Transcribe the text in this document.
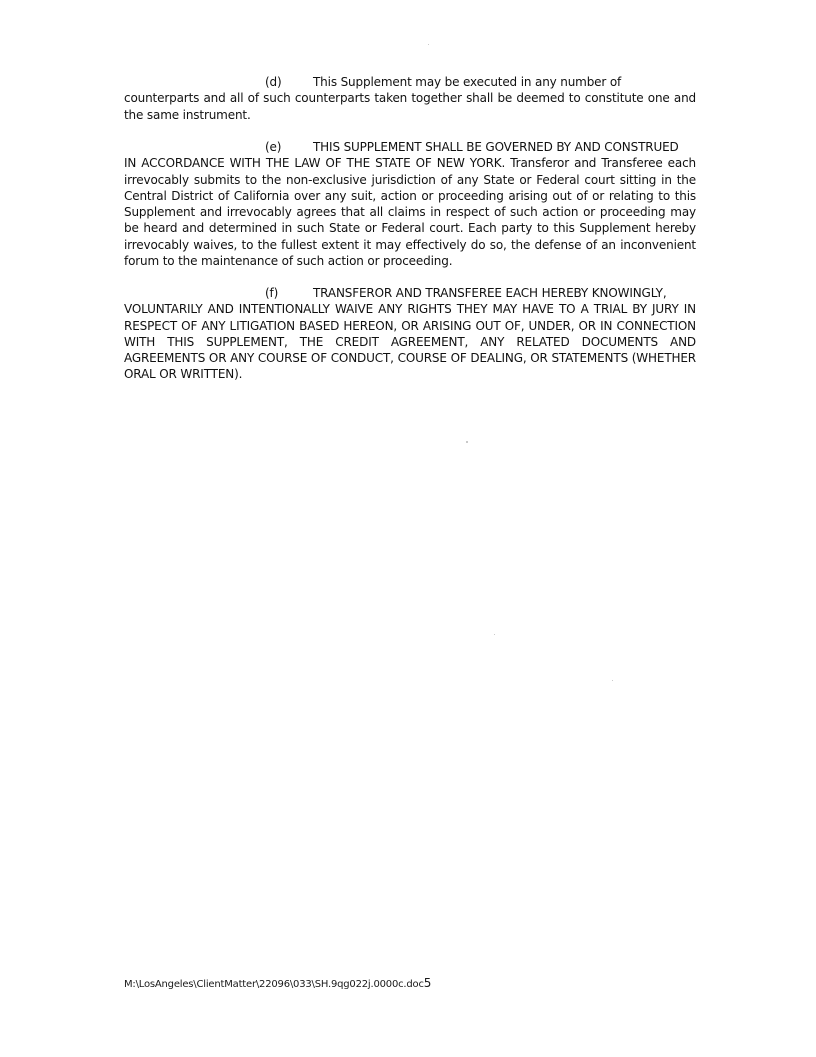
(d)	This Supplement may be executed in any number of
counterparts and all of such counterparts taken together shall be deemed to constitute one and the same instrument.

(e)	THIS SUPPLEMENT SHALL BE GOVERNED BY AND CONSTRUED
IN ACCORDANCE WITH THE LAW OF THE STATE OF NEW YORK. Transferor and Transferee each irrevocably submits to the non-exclusive jurisdiction of any State or Federal court sitting in the Central District of California over any suit, action or proceeding arising out of or relating to this Supplement and irrevocably agrees that all claims in respect of such action or proceeding may be heard and determined in such State or Federal court. Each party to this Supplement hereby irrevocably waives, to the fullest extent it may effectively do so, the defense of an inconvenient forum to the maintenance of such action or proceeding.

(f)	TRANSFEROR AND TRANSFEREE EACH HEREBY KNOWINGLY,
VOLUNTARILY AND INTENTIONALLY WAIVE ANY RIGHTS THEY MAY HAVE TO A TRIAL BY JURY IN RESPECT OF ANY LITIGATION BASED HEREON, OR ARISING OUT OF, UNDER, OR IN CONNECTION WITH THIS SUPPLEMENT, THE CREDIT AGREEMENT, ANY RELATED DOCUMENTS AND AGREEMENTS OR ANY COURSE OF CONDUCT, COURSE OF DEALING, OR STATEMENTS (WHETHER ORAL OR WRITTEN).

M:\LosAngeles\ClientMatter\22096\033\SH.9qg022j.0000c.doc5
